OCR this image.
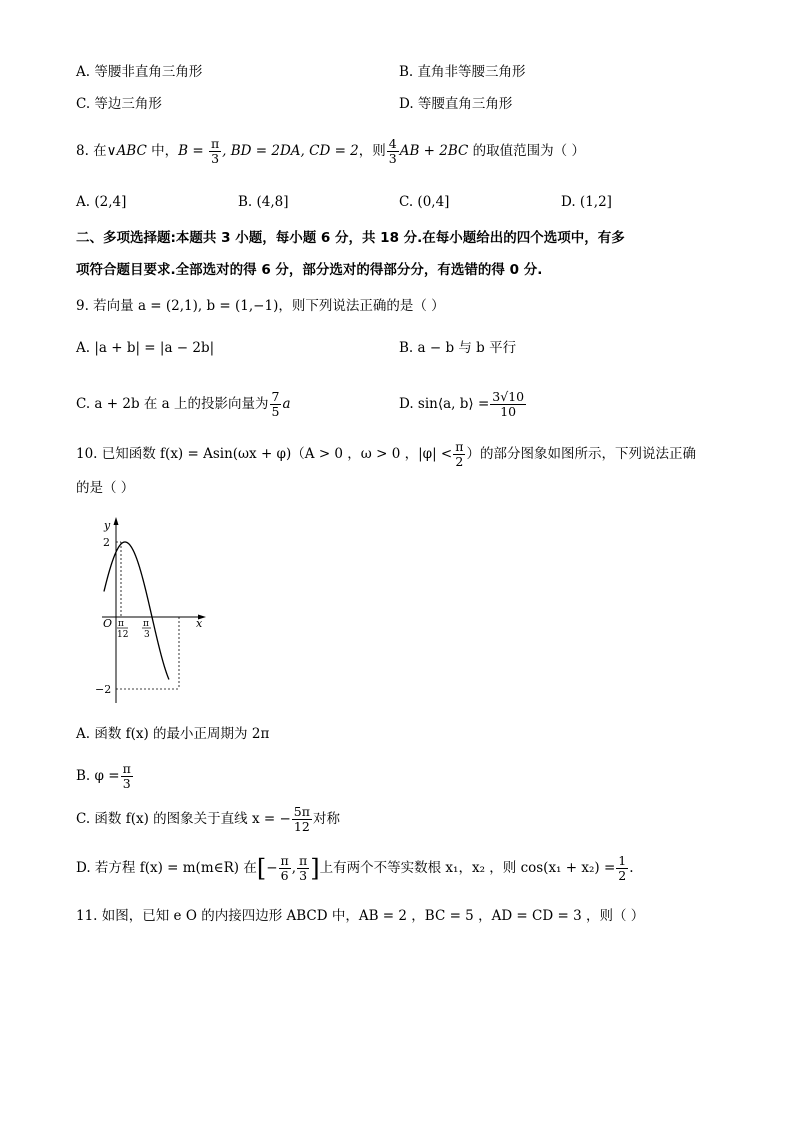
A. 等腰非直角三角形	B. 直角非等腰三角形
C. 等边三角形	D. 等腰直角三角形
8. 在∨ABC 中，$B = \frac{\pi}{3}$ , BD = 2DA, CD = 2，则 $\frac{4}{3}$ AB + 2BC 的取值范围为（ ）
A. (2,4]	B. (4,8]	C. (0,4]	D. (1,2]
二、多项选择题:本题共 3 小题，每小题 6 分，共 18 分.在每小题给出的四个选项中，有多
项符合题目要求.全部选对的得 6 分，部分选对的得部分分，有选错的得 0 分.
9. 若向量 a = (2,1), b = (1,−1)，则下列说法正确的是（ ）
A. |a + b| = |a − 2b|	B. a − b 与 b 平行
C. a + 2b 在 a 上的投影向量为 $\frac{7}{5}$ a	D. sin⟨a, b⟩ = $\frac{3√10}{10}$
10. 已知函数 f(x) = Asin(ωx + φ)（A > 0 ，ω > 0 ，$|\varphi| < \frac{\pi}{2}$ ）的部分图象如图所示，下列说法正确
的是（ ）
y
x
O
2
−2
π
12
π
3
A. 函数 f(x) 的最小正周期为 2π
B. $\varphi = \frac{\pi}{3}$
C. 函数 f(x) 的图象关于直线 x = − $\frac{5\pi}{12}$ 对称
D. 若方程 f(x) = m(m∈R) 在[− $\frac{\pi}{6}$ , $\frac{\pi}{3}$ ]上有两个不等实数根 x₁，x₂ ，则 $\cos(x_1 + x_2) = \frac{1}{2}$ .
11. 如图，已知 e O 的内接四边形 ABCD 中，AB = 2 ，BC = 5 ，AD = CD = 3 ，则（ ）
